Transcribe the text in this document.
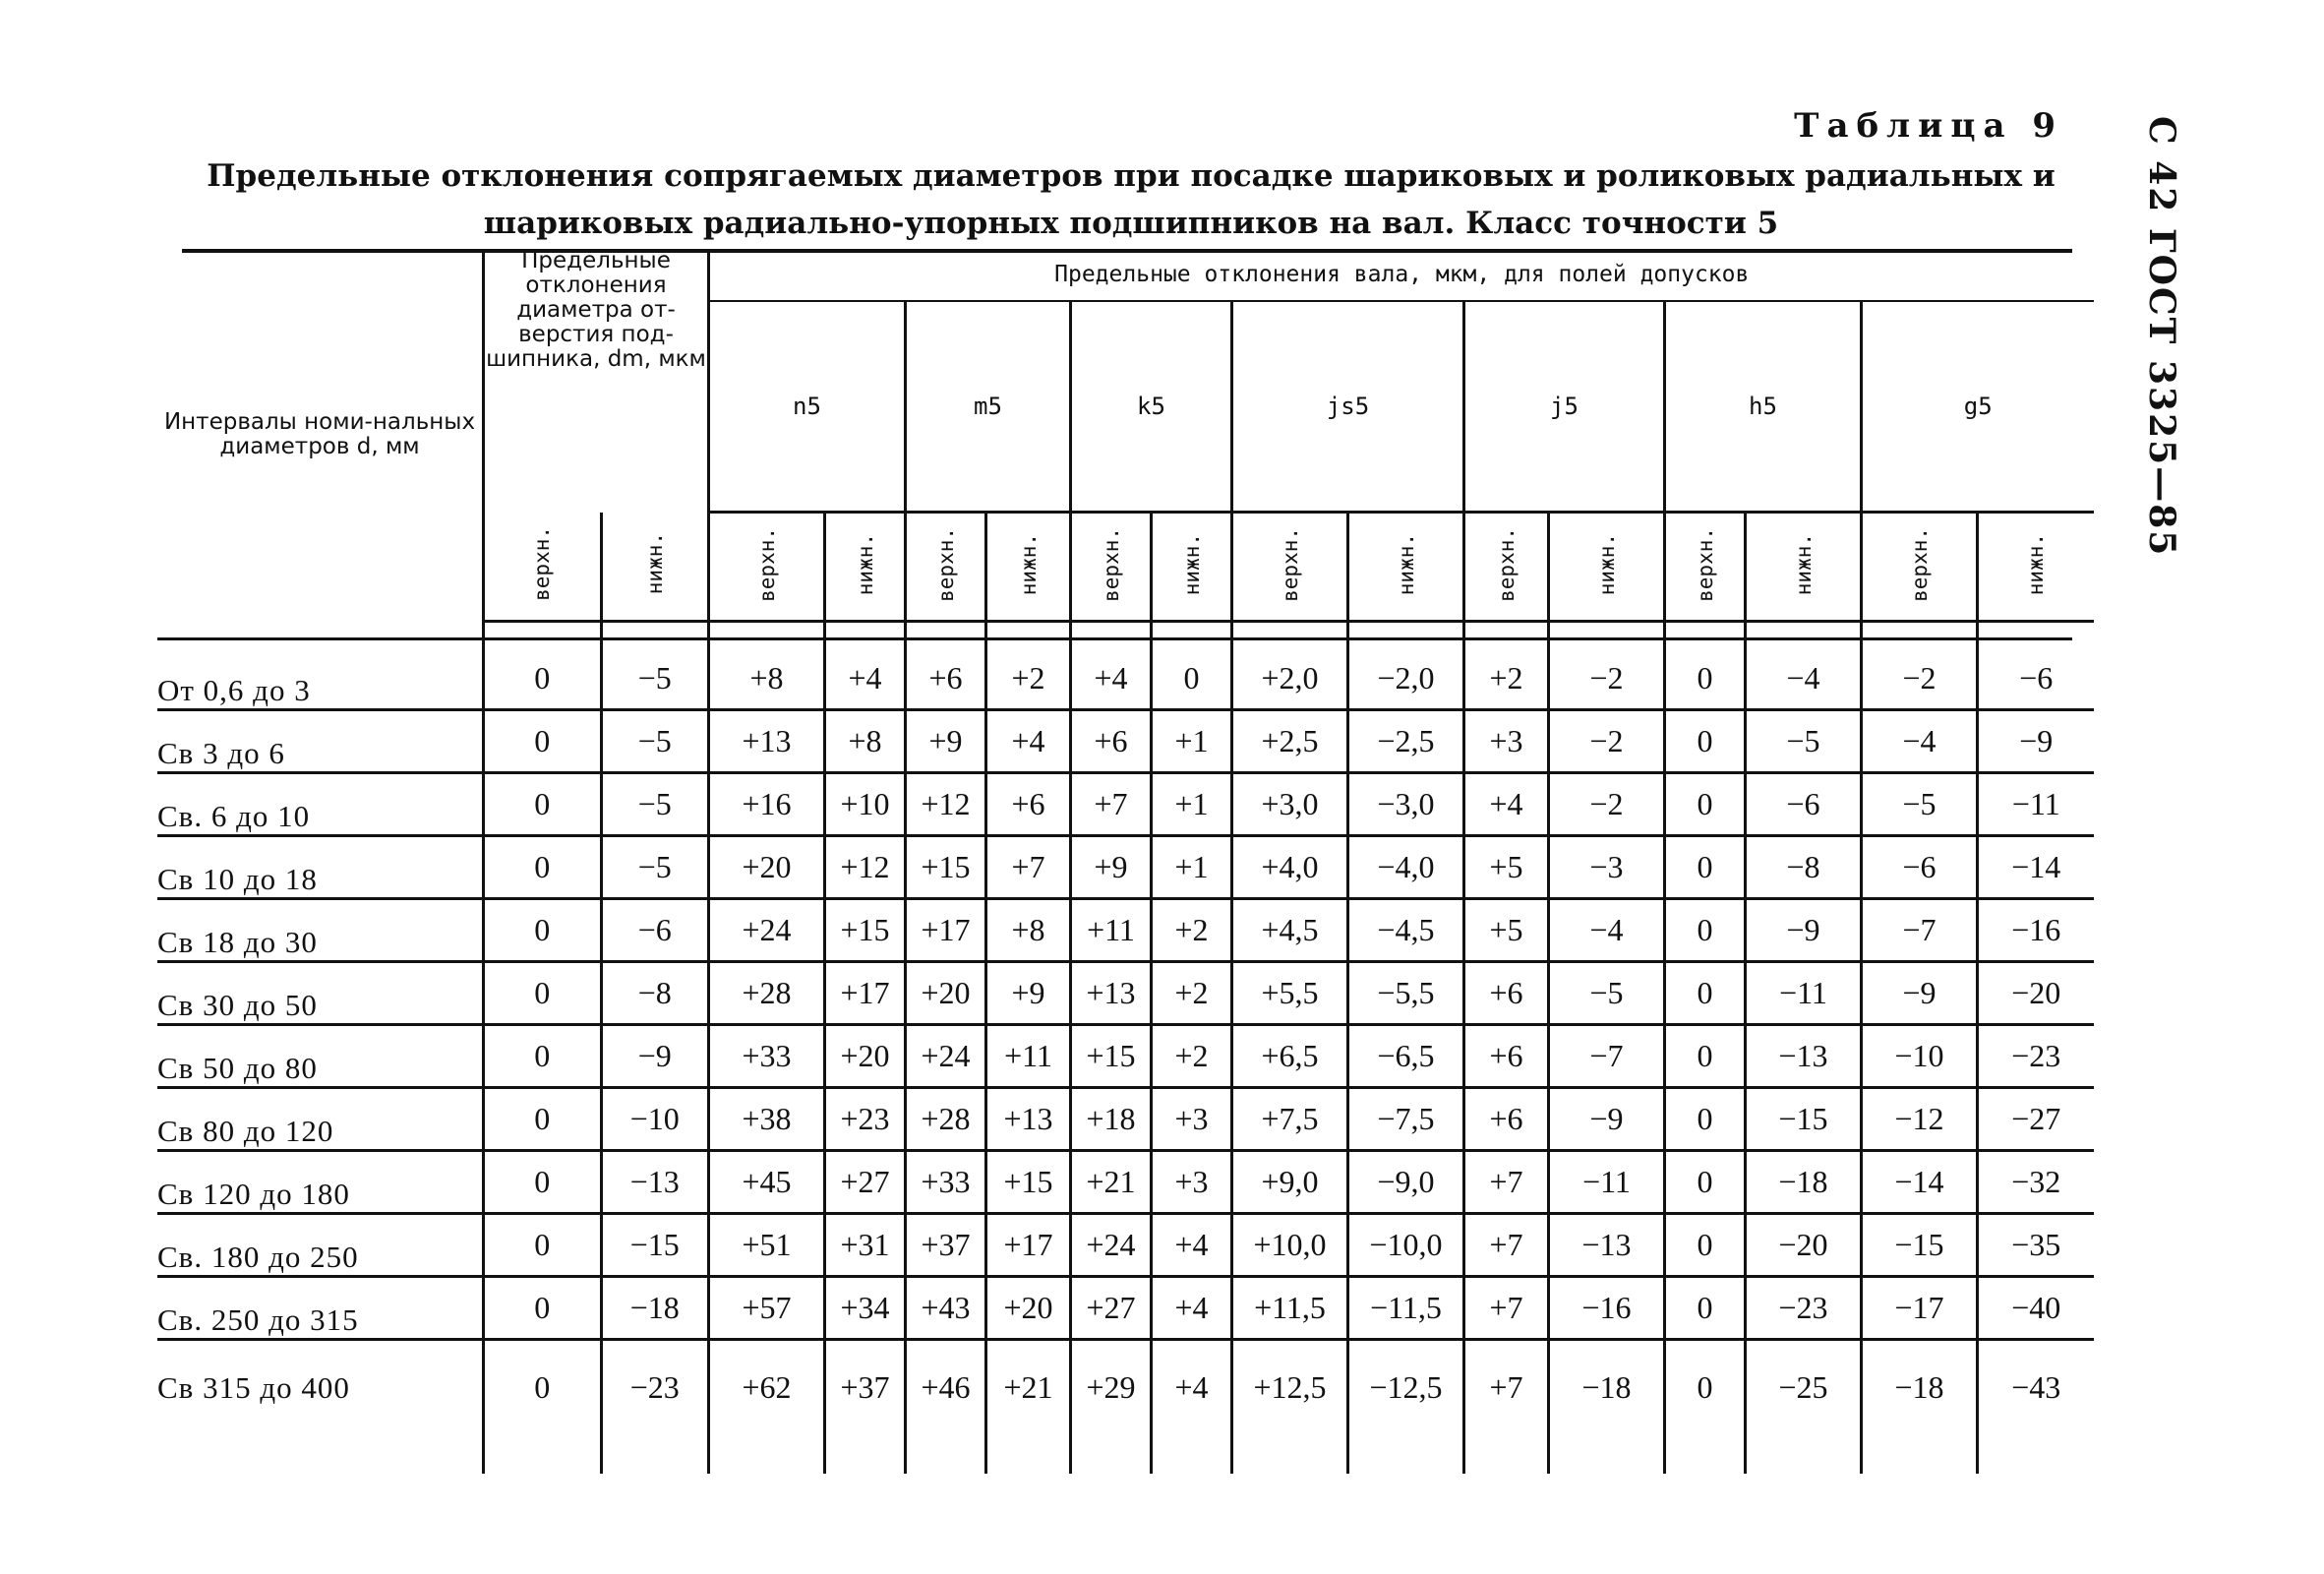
Таблица 9 С 42 ГОСТ 3325—85
Предельные отклонения сопрягаемых диаметров при посадке шариковых и роликовых радиальных и
шариковых радиально-упорных подшипников на вал. Класс точности 5
Интервалы номи-нальных диаметров d, мм	Предельные отклонения диаметра от-верстия под-шипника, dm, мкм		Предельные отклонения вала, мкм, для полей допусков													
			n5		m5		k5		js5		j5		h5		g5	
	верхн.	нижн.	верхн.	нижн.	верхн.	нижн.	верхн.	нижн.	верхн.	нижн.	верхн.	нижн.	верхн.	нижн.	верхн.	нижн.

От 0,6 до 3	0	−5	+8	+4	+6	+2	+4	0	+2,0	−2,0	+2	−2	0	−4	−2	−6
Св 3 до 6	0	−5	+13	+8	+9	+4	+6	+1	+2,5	−2,5	+3	−2	0	−5	−4	−9
Св. 6 до 10	0	−5	+16	+10	+12	+6	+7	+1	+3,0	−3,0	+4	−2	0	−6	−5	−11
Св 10 до 18	0	−5	+20	+12	+15	+7	+9	+1	+4,0	−4,0	+5	−3	0	−8	−6	−14
Св 18 до 30	0	−6	+24	+15	+17	+8	+11	+2	+4,5	−4,5	+5	−4	0	−9	−7	−16
Св 30 до 50	0	−8	+28	+17	+20	+9	+13	+2	+5,5	−5,5	+6	−5	0	−11	−9	−20
Св 50 до 80	0	−9	+33	+20	+24	+11	+15	+2	+6,5	−6,5	+6	−7	0	−13	−10	−23
Св 80 до 120	0	−10	+38	+23	+28	+13	+18	+3	+7,5	−7,5	+6	−9	0	−15	−12	−27
Св 120 до 180	0	−13	+45	+27	+33	+15	+21	+3	+9,0	−9,0	+7	−11	0	−18	−14	−32
Св. 180 до 250	0	−15	+51	+31	+37	+17	+24	+4	+10,0	−10,0	+7	−13	0	−20	−15	−35
Св. 250 до 315	0	−18	+57	+34	+43	+20	+27	+4	+11,5	−11,5	+7	−16	0	−23	−17	−40
Св 315 до 400	0	−23	+62	+37	+46	+21	+29	+4	+12,5	−12,5	+7	−18	0	−25	−18	−43
